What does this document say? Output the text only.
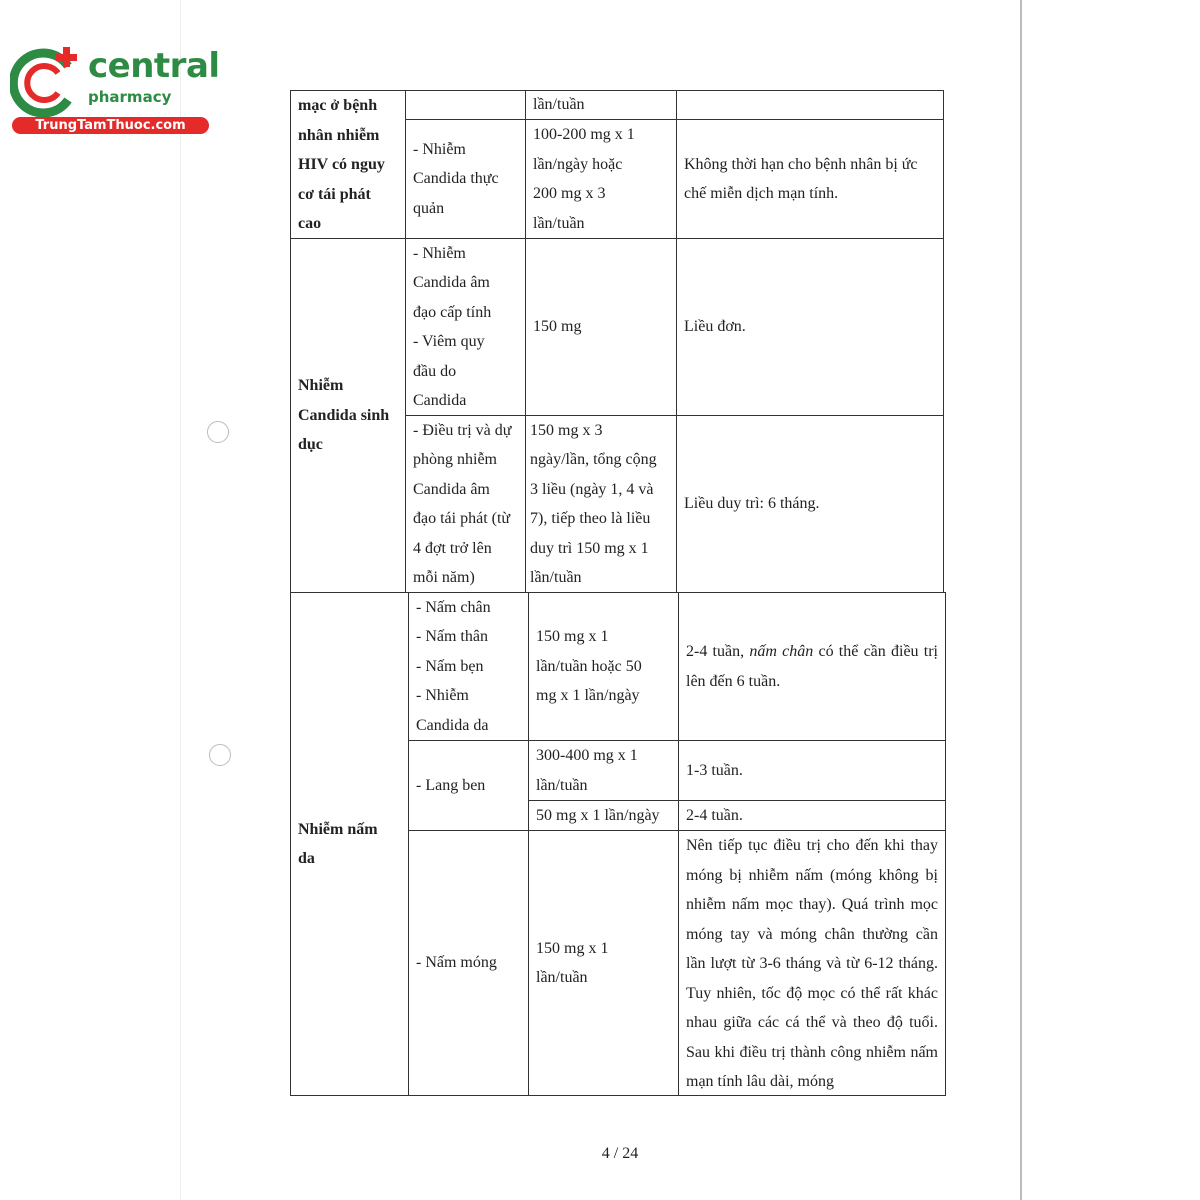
central
pharmacy
TrungTamThuoc.com
mạc ở bệnh
nhân nhiễm
HIV có nguy
cơ tái phát
cao
lần/tuần
- Nhiễm
Candida thực
quản
100-200 mg x 1
lần/ngày hoặc
200 mg x 3
lần/tuần
Không thời hạn cho bệnh nhân bị ức
chế miễn dịch mạn tính.
Nhiễm
Candida sinh
dục
- Nhiễm
Candida âm
đạo cấp tính
- Viêm quy
đầu do
Candida
150 mg	Liều đơn.
- Điều trị và dự
phòng nhiễm
Candida âm
đạo tái phát (từ
4 đợt trở lên
mỗi năm)
150 mg x 3
ngày/lần, tổng cộng
3 liều (ngày 1, 4 và
7), tiếp theo là liều
duy trì 150 mg x 1
lần/tuần
Liều duy trì: 6 tháng.
Nhiễm nấm
da
- Nấm chân
- Nấm thân
- Nấm bẹn
- Nhiễm
Candida da
150 mg x 1
lần/tuần hoặc 50
mg x 1 lần/ngày
2-4 tuần, nấm chân có thể cần điều trị lên đến 6 tuần.
- Lang ben
300-400 mg x 1
lần/tuần
1-3 tuần.
50 mg x 1 lần/ngày	2-4 tuần.
- Nấm móng
150 mg x 1
lần/tuần
Nên tiếp tục điều trị cho đến khi thay móng bị nhiễm nấm (móng không bị nhiễm nấm mọc thay). Quá trình mọc móng tay và móng chân thường cần lần lượt từ 3-6 tháng và từ 6-12 tháng. Tuy nhiên, tốc độ mọc có thể rất khác nhau giữa các cá thể và theo độ tuổi. Sau khi điều trị thành công nhiễm nấm mạn tính lâu dài, móng
4 / 24
